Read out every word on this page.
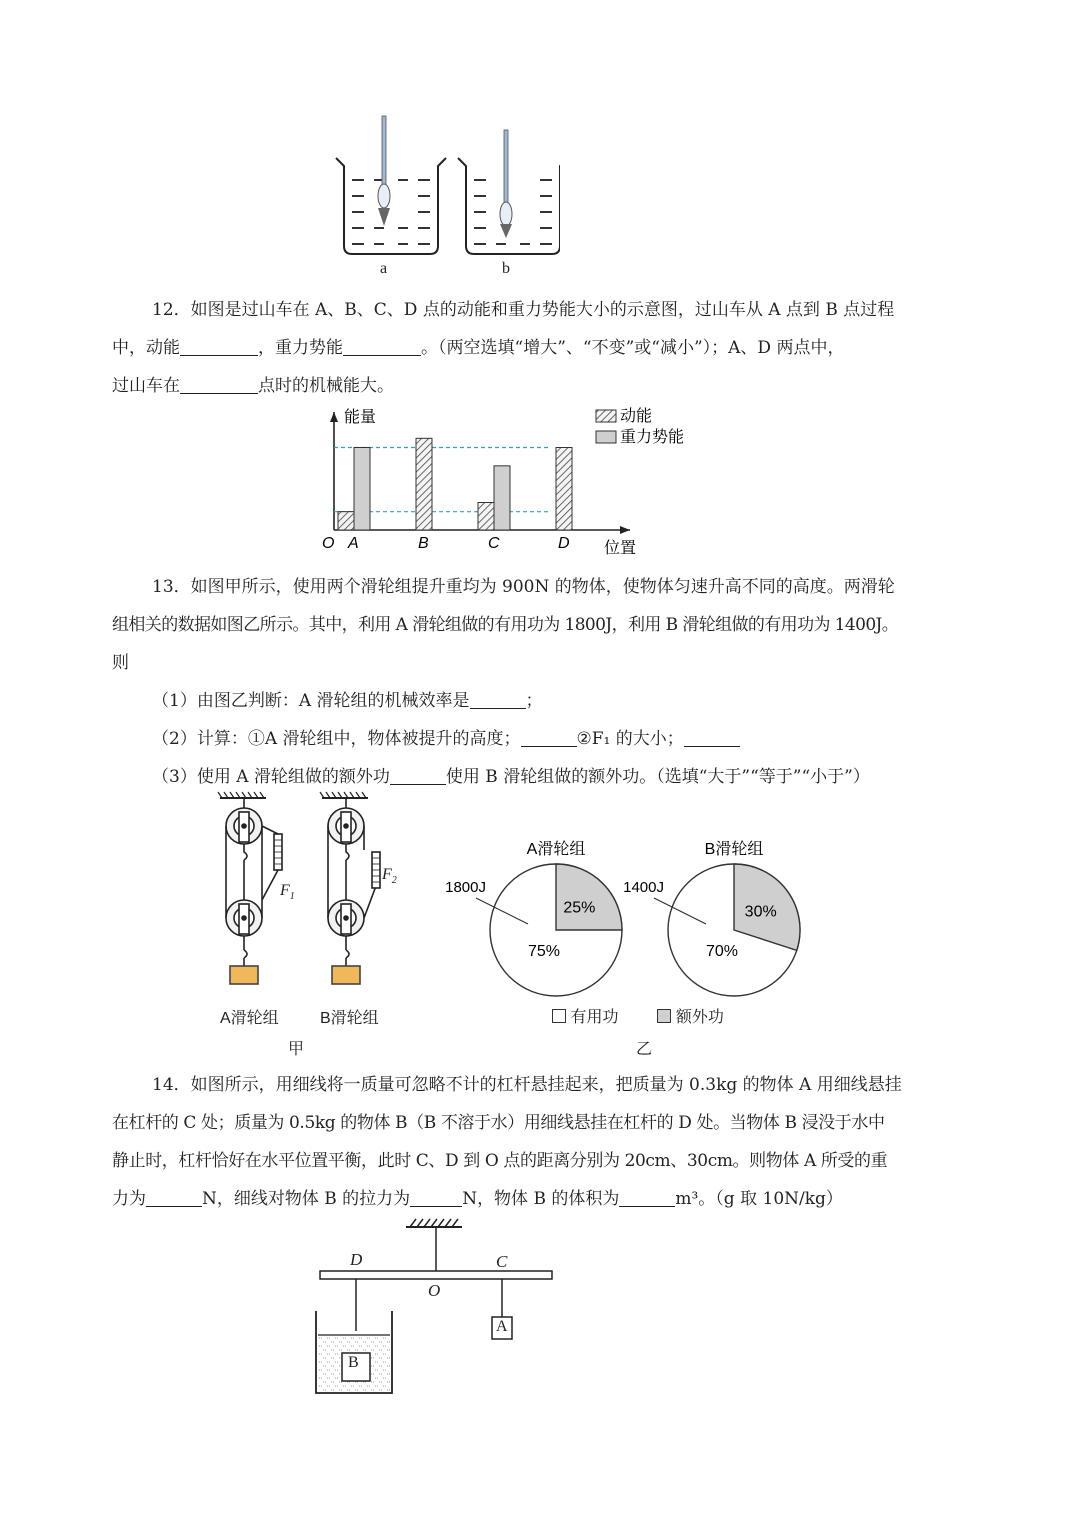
a	b
12．如图是过山车在 A、B、C、D 点的动能和重力势能大小的示意图，过山车从 A 点到 B 点过程
中，动能	，重力势能	。（两空选填“增大”、“不变”或“减小”）；A、D 两点中，
过山车在	点时的机械能大。
能量
位置
O A	B	C	D
动能
重力势能
13．如图甲所示，使用两个滑轮组提升重均为 900N 的物体，使物体匀速升高不同的高度。两滑轮
组相关的数据如图乙所示。其中，利用 A 滑轮组做的有用功为 1800J，利用 B 滑轮组做的有用功为 1400J。
则
（1）由图乙判断：A 滑轮组的机械效率是	；
（2）计算：①A 滑轮组中，物体被提升的高度；	②F₁ 的大小；
（3）使用 A 滑轮组做的额外功	使用 B 滑轮组做的额外功。（选填“大于”“等于”“小于”）
$F_1$
$F_2$
A滑轮组	B滑轮组
甲
A滑轮组
25%
75%
1800J
B滑轮组
30%
70%
1400J
有用功	额外功
乙
14．如图所示，用细线将一质量可忽略不计的杠杆悬挂起来，把质量为 0.3kg 的物体 A 用细线悬挂
在杠杆的 C 处；质量为 0.5kg 的物体 B（B 不溶于水）用细线悬挂在杠杆的 D 处。当物体 B 浸没于水中
静止时，杠杆恰好在水平位置平衡，此时 C、D 到 O 点的距离分别为 20cm、30cm。则物体 A 所受的重
力为	N，细线对物体 B 的拉力为	N，物体 B 的体积为	m³。（g 取 10N/kg）
D
O
C
A
B
